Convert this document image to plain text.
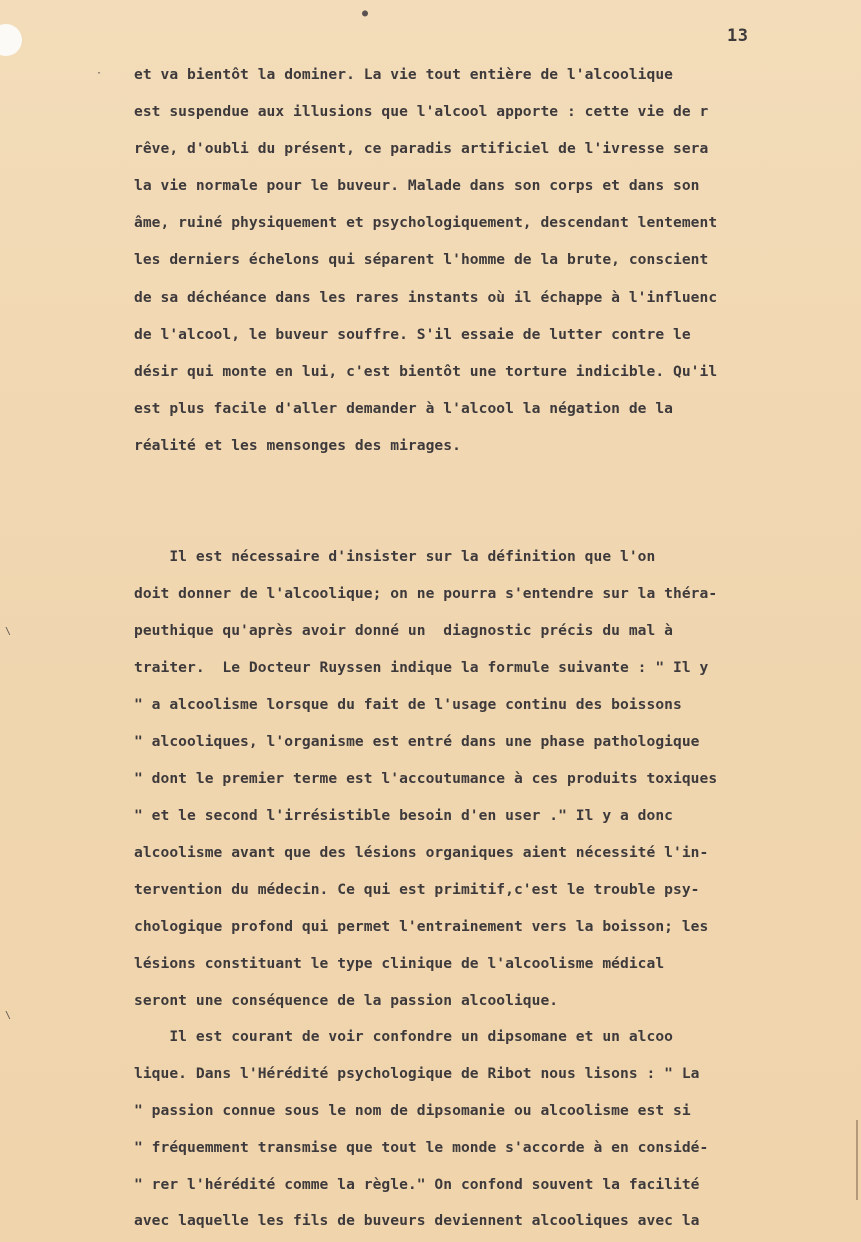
●
·
\
\
13
et va bientôt la dominer. La vie tout entière de l'alcoolique
est suspendue aux illusions que l'alcool apporte : cette vie de r
rêve, d'oubli du présent, ce paradis artificiel de l'ivresse sera
la vie normale pour le buveur. Malade dans son corps et dans son
âme, ruiné physiquement et psychologiquement, descendant lentement
les derniers échelons qui séparent l'homme de la brute, conscient
de sa déchéance dans les rares instants où il échappe à l'influenc
de l'alcool, le buveur souffre. S'il essaie de lutter contre le
désir qui monte en lui, c'est bientôt une torture indicible. Qu'il
est plus facile d'aller demander à l'alcool la négation de la
réalité et les mensonges des mirages.
Il est nécessaire d'insister sur la définition que l'on
doit donner de l'alcoolique; on ne pourra s'entendre sur la théra-
peuthique qu'après avoir donné un  diagnostic précis du mal à
traiter.  Le Docteur Ruyssen indique la formule suivante : " Il y
" a alcoolisme lorsque du fait de l'usage continu des boissons
" alcooliques, l'organisme est entré dans une phase pathologique
" dont le premier terme est l'accoutumance à ces produits toxiques
" et le second l'irrésistible besoin d'en user ." Il y a donc
alcoolisme avant que des lésions organiques aient nécessité l'in-
tervention du médecin. Ce qui est primitif,c'est le trouble psy-
chologique profond qui permet l'entrainement vers la boisson; les
lésions constituant le type clinique de l'alcoolisme médical
seront une conséquence de la passion alcoolique.
Il est courant de voir confondre un dipsomane et un alcoo
lique. Dans l'Hérédité psychologique de Ribot nous lisons : " La
" passion connue sous le nom de dipsomanie ou alcoolisme est si
" fréquemment transmise que tout le monde s'accorde à en considé-
" rer l'hérédité comme la règle." On confond souvent la facilité
avec laquelle les fils de buveurs deviennent alcooliques avec la
